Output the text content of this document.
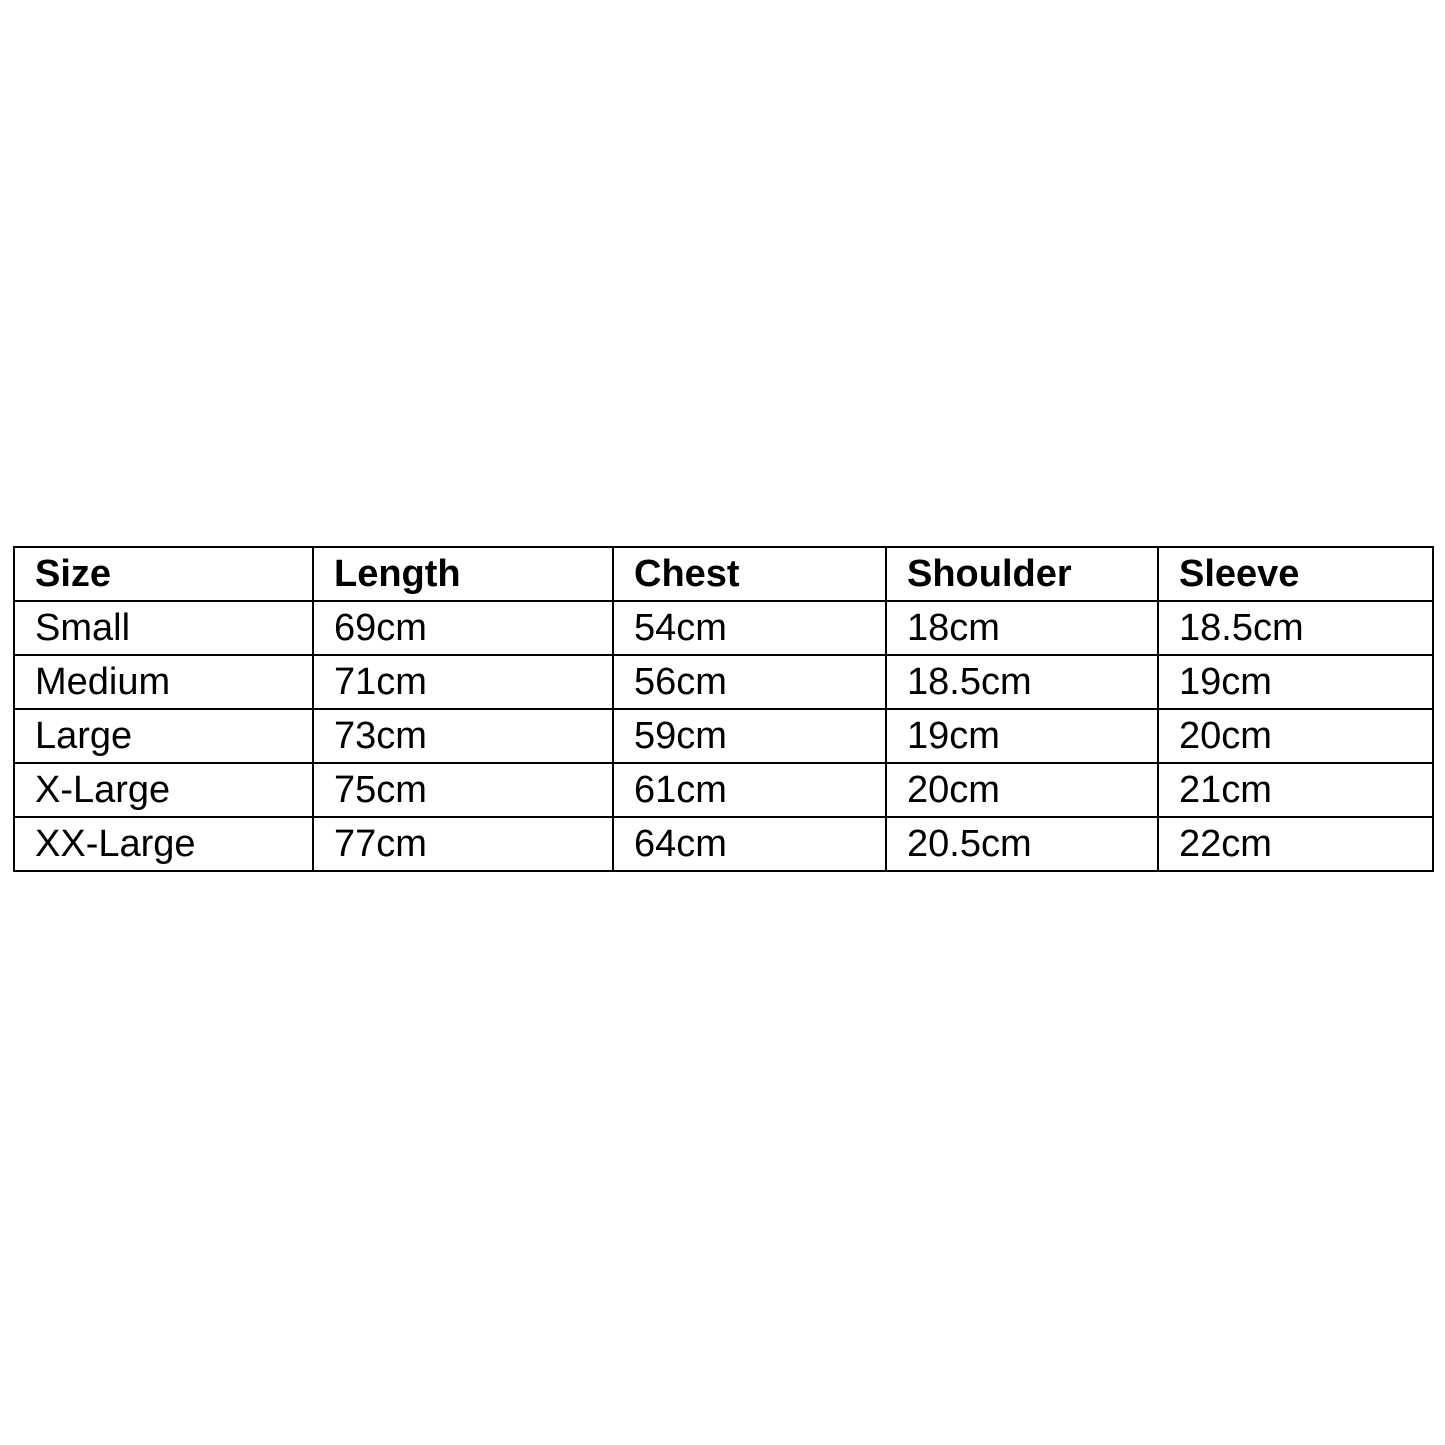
Size	Length	Chest	Shoulder	Sleeve
Small	69cm	54cm	18cm	18.5cm
Medium	71cm	56cm	18.5cm	19cm
Large	73cm	59cm	19cm	20cm
X-Large	75cm	61cm	20cm	21cm
XX-Large	77cm	64cm	20.5cm	22cm
